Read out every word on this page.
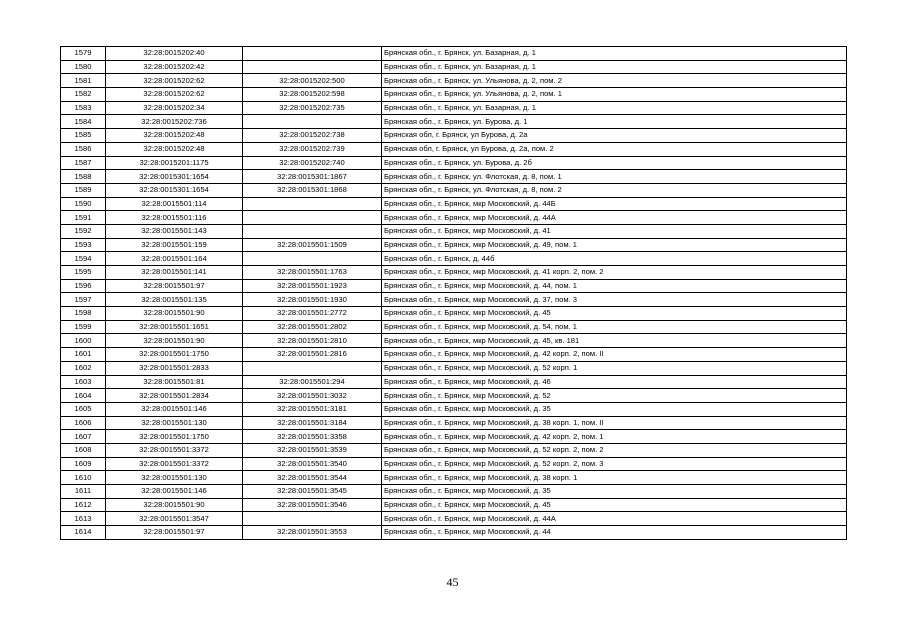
1579	32:28:0015202:40		Брянская обл., г. Брянск, ул. Базарная, д. 1
1580	32:28:0015202:42		Брянская обл., г. Брянск, ул. Базарная, д. 1
1581	32:28:0015202:62	32:28:0015202:500	Брянская обл., г. Брянск, ул. Ульянова, д. 2, пом. 2
1582	32:28:0015202:62	32:28:0015202:598	Брянская обл., г. Брянск, ул. Ульянова, д. 2, пом. 1
1583	32:28:0015202:34	32:28:0015202:735	Брянская обл., г. Брянск, ул. Базарная, д. 1
1584	32:28:0015202:736		Брянская обл., г. Брянск, ул. Бурова, д. 1
1585	32:28:0015202:48	32:28:0015202:738	Брянская обл, г. Брянск, ул Бурова, д. 2а
1586	32:28:0015202:48	32:28:0015202:739	Брянская обл, г. Брянск, ул Бурова, д. 2а, пом. 2
1587	32:28:0015201:1175	32:28:0015202:740	Брянская обл., г. Брянск, ул. Бурова, д. 2б
1588	32:28:0015301:1654	32:28:0015301:1867	Брянская обл., г. Брянск, ул. Флотская, д. 8, пом. 1
1589	32:28:0015301:1654	32:28:0015301:1868	Брянская обл., г. Брянск, ул. Флотская, д. 8, пом. 2
1590	32:28:0015501:114		Брянская обл., г. Брянск, мкр Московский, д. 44Б
1591	32:28:0015501:116		Брянская обл., г. Брянск, мкр Московский, д. 44А
1592	32:28:0015501:143		Брянская обл., г. Брянск, мкр Московский, д. 41
1593	32:28:0015501:159	32:28:0015501:1509	Брянская обл., г. Брянск, мкр Московский, д. 49, пом. 1
1594	32:28:0015501:164		Брянская обл., г. Брянск, д. 44б
1595	32:28:0015501:141	32:28:0015501:1763	Брянская обл., г. Брянск, мкр Московский, д. 41 корп. 2, пом. 2
1596	32:28:0015501:97	32:28:0015501:1923	Брянская обл., г. Брянск, мкр Московский, д. 44, пом. 1
1597	32:28:0015501:135	32:28:0015501:1930	Брянская обл., г. Брянск, мкр Московский, д. 37, пом. 3
1598	32:28:0015501:90	32:28:0015501:2772	Брянская обл., г. Брянск, мкр Московский, д. 45
1599	32:28:0015501:1651	32:28:0015501:2802	Брянская обл., г. Брянск, мкр Московский, д. 54, пом. 1
1600	32:28:0015501:90	32:28:0015501:2810	Брянская обл., г. Брянск, мкр Московский, д. 45, кв. 181
1601	32:28:0015501:1750	32:28:0015501:2816	Брянская обл., г. Брянск, мкр Московский, д. 42 корп. 2, пом. II
1602	32:28:0015501:2833		Брянская обл., г. Брянск, мкр Московский, д. 52 корп. 1
1603	32:28:0015501:81	32:28:0015501:294	Брянская обл., г. Брянск, мкр Московский, д. 46
1604	32:28:0015501:2834	32:28:0015501:3032	Брянская обл., г. Брянск, мкр Московский, д. 52
1605	32:28:0015501:146	32:28:0015501:3181	Брянская обл., г. Брянск, мкр Московский, д. 35
1606	32:28:0015501:130	32:28:0015501:3184	Брянская обл., г. Брянск, мкр Московский, д. 38 корп. 1, пом. II
1607	32:28:0015501:1750	32:28:0015501:3358	Брянская обл., г. Брянск, мкр Московский, д. 42 корп. 2, пом. 1
1608	32:28:0015501:3372	32:28:0015501:3539	Брянская обл., г. Брянск, мкр Московский, д. 52 корп. 2, пом. 2
1609	32:28:0015501:3372	32:28:0015501:3540	Брянская обл., г. Брянск, мкр Московский, д. 52 корп. 2, пом. 3
1610	32:28:0015501:130	32:28:0015501:3544	Брянская обл., г. Брянск, мкр Московский, д. 38 корп. 1
1611	32:28:0015501:146	32:28:0015501:3545	Брянская обл., г. Брянск, мкр Московский, д. 35
1612	32:28:0015501:90	32:28:0015501:3546	Брянская обл., г. Брянск, мкр Московский, д. 45
1613	32:28:0015501:3547		Брянская обл., г. Брянск, мкр Московский, д. 44А
1614	32:28:0015501:97	32:28:0015501:3553	Брянская обл., г. Брянск, мкр Московский, д. 44
45
